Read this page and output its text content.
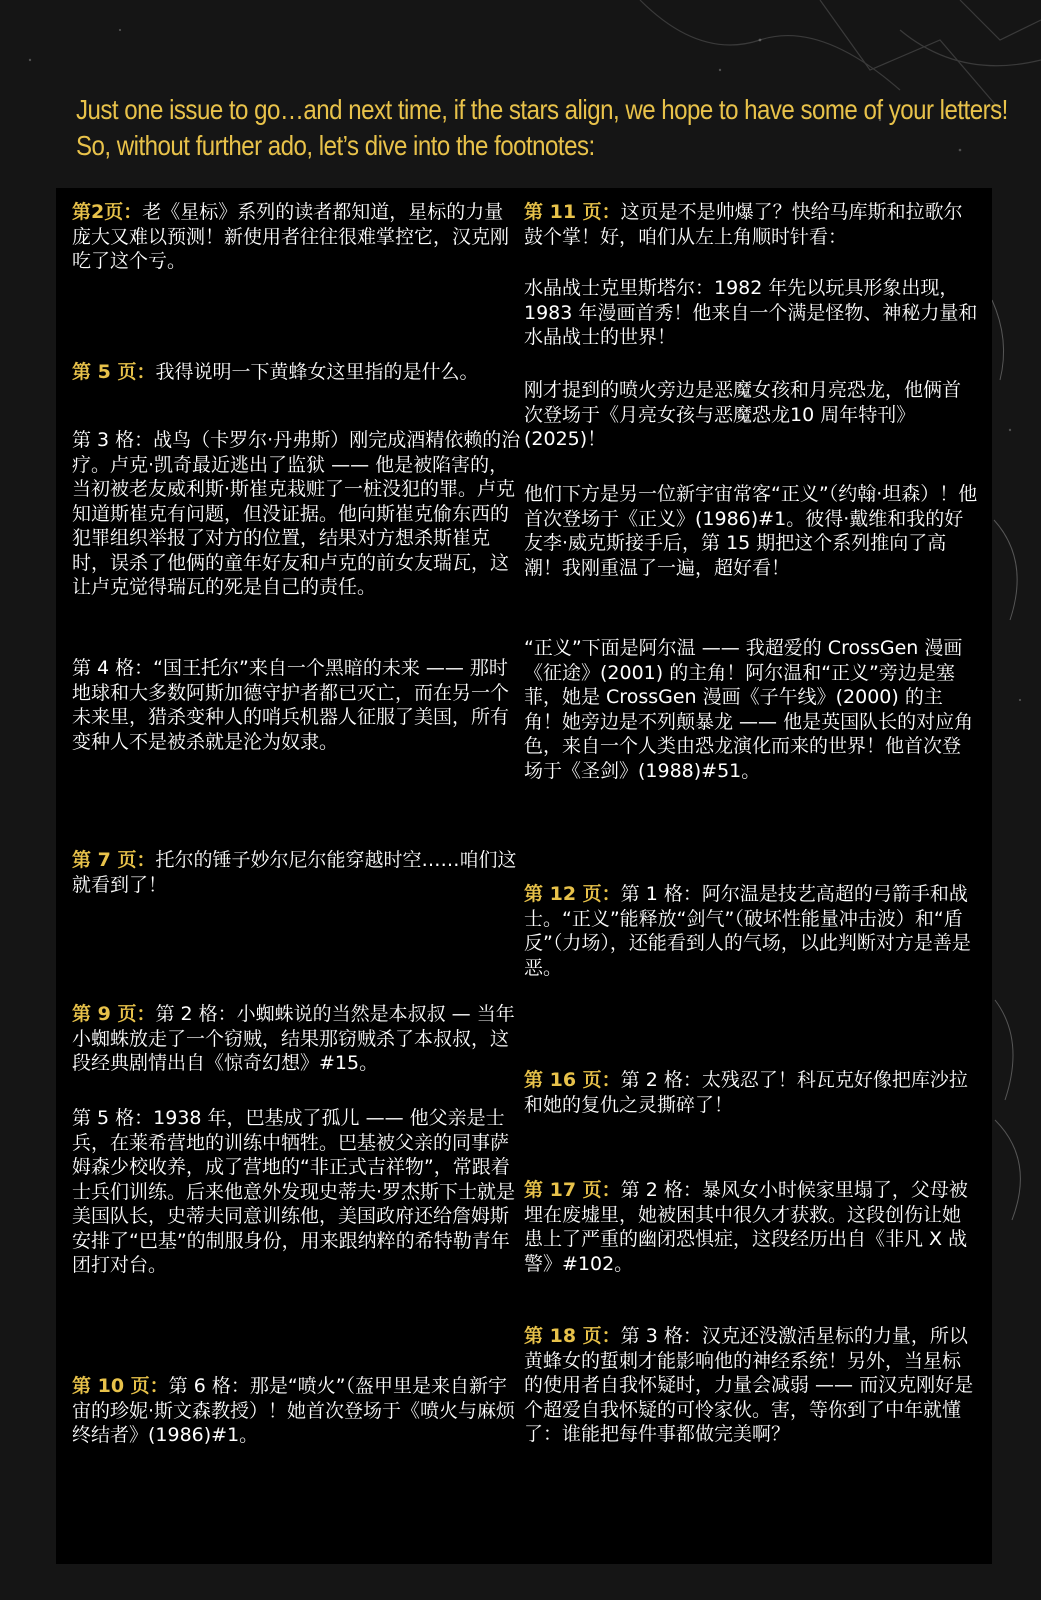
Just one issue to go…and next time, if the stars align, we hope to have some of your letters!
So, without further ado, let’s dive into the footnotes:

第2页：老《星标》系列的读者都知道，星标的力量庞大又难以预测！新使用者往往很难掌控它，汉克刚吃了这个亏。

第 5 页：我得说明一下黄蜂女这里指的是什么。

第 3 格：战鸟（卡罗尔·丹弗斯）刚完成酒精依赖的治疗。卢克·凯奇最近逃出了监狱 —— 他是被陷害的，当初被老友威利斯·斯崔克栽赃了一桩没犯的罪。卢克知道斯崔克有问题，但没证据。他向斯崔克偷东西的犯罪组织举报了对方的位置，结果对方想杀斯崔克时，误杀了他俩的童年好友和卢克的前女友瑞瓦，这让卢克觉得瑞瓦的死是自己的责任。

第 4 格：“国王托尔”来自一个黑暗的未来 —— 那时地球和大多数阿斯加德守护者都已灭亡，而在另一个未来里，猎杀变种人的哨兵机器人征服了美国，所有变种人不是被杀就是沦为奴隶。

第 7 页：托尔的锤子妙尔尼尔能穿越时空……咱们这就看到了！

第 9 页：第 2 格：小蜘蛛说的当然是本叔叔 — 当年小蜘蛛放走了一个窃贼，结果那窃贼杀了本叔叔，这段经典剧情出自《惊奇幻想》#15。

第 5 格：1938 年，巴基成了孤儿 —— 他父亲是士兵，在莱希营地的训练中牺牲。巴基被父亲的同事萨姆森少校收养，成了营地的“非正式吉祥物”，常跟着士兵们训练。后来他意外发现史蒂夫·罗杰斯下士就是美国队长，史蒂夫同意训练他，美国政府还给詹姆斯安排了“巴基”的制服身份，用来跟纳粹的希特勒青年团打对台。

第 10 页：第 6 格：那是“喷火”（盔甲里是来自新宇宙的珍妮·斯文森教授）！她首次登场于《喷火与麻烦终结者》(1986)#1。

第 11 页：这页是不是帅爆了？快给马库斯和拉歌尔鼓个掌！好，咱们从左上角顺时针看：

水晶战士克里斯塔尔：1982 年先以玩具形象出现，1983 年漫画首秀！他来自一个满是怪物、神秘力量和水晶战士的世界！

刚才提到的喷火旁边是恶魔女孩和月亮恐龙，他俩首次登场于《月亮女孩与恶魔恐龙10 周年特刊》(2025)！

他们下方是另一位新宇宙常客“正义”（约翰·坦森）！他首次登场于《正义》(1986)#1。彼得·戴维和我的好友李·威克斯接手后，第 15 期把这个系列推向了高潮！我刚重温了一遍，超好看！

“正义”下面是阿尔温 —— 我超爱的 CrossGen 漫画《征途》(2001) 的主角！阿尔温和“正义”旁边是塞菲，她是 CrossGen 漫画《子午线》(2000) 的主角！她旁边是不列颠暴龙 —— 他是英国队长的对应角色，来自一个人类由恐龙演化而来的世界！他首次登场于《圣剑》(1988)#51。

第 12 页：第 1 格：阿尔温是技艺高超的弓箭手和战士。“正义”能释放“剑气”（破坏性能量冲击波）和“盾反”（力场），还能看到人的气场，以此判断对方是善是恶。

第 16 页：第 2 格：太残忍了！科瓦克好像把库沙拉和她的复仇之灵撕碎了！

第 17 页：第 2 格：暴风女小时候家里塌了，父母被埋在废墟里，她被困其中很久才获救。这段创伤让她患上了严重的幽闭恐惧症，这段经历出自《非凡 X 战警》#102。

第 18 页：第 3 格：汉克还没激活星标的力量，所以黄蜂女的蜇刺才能影响他的神经系统！另外，当星标的使用者自我怀疑时，力量会减弱 —— 而汉克刚好是个超爱自我怀疑的可怜家伙。害，等你到了中年就懂了：谁能把每件事都做完美啊？
